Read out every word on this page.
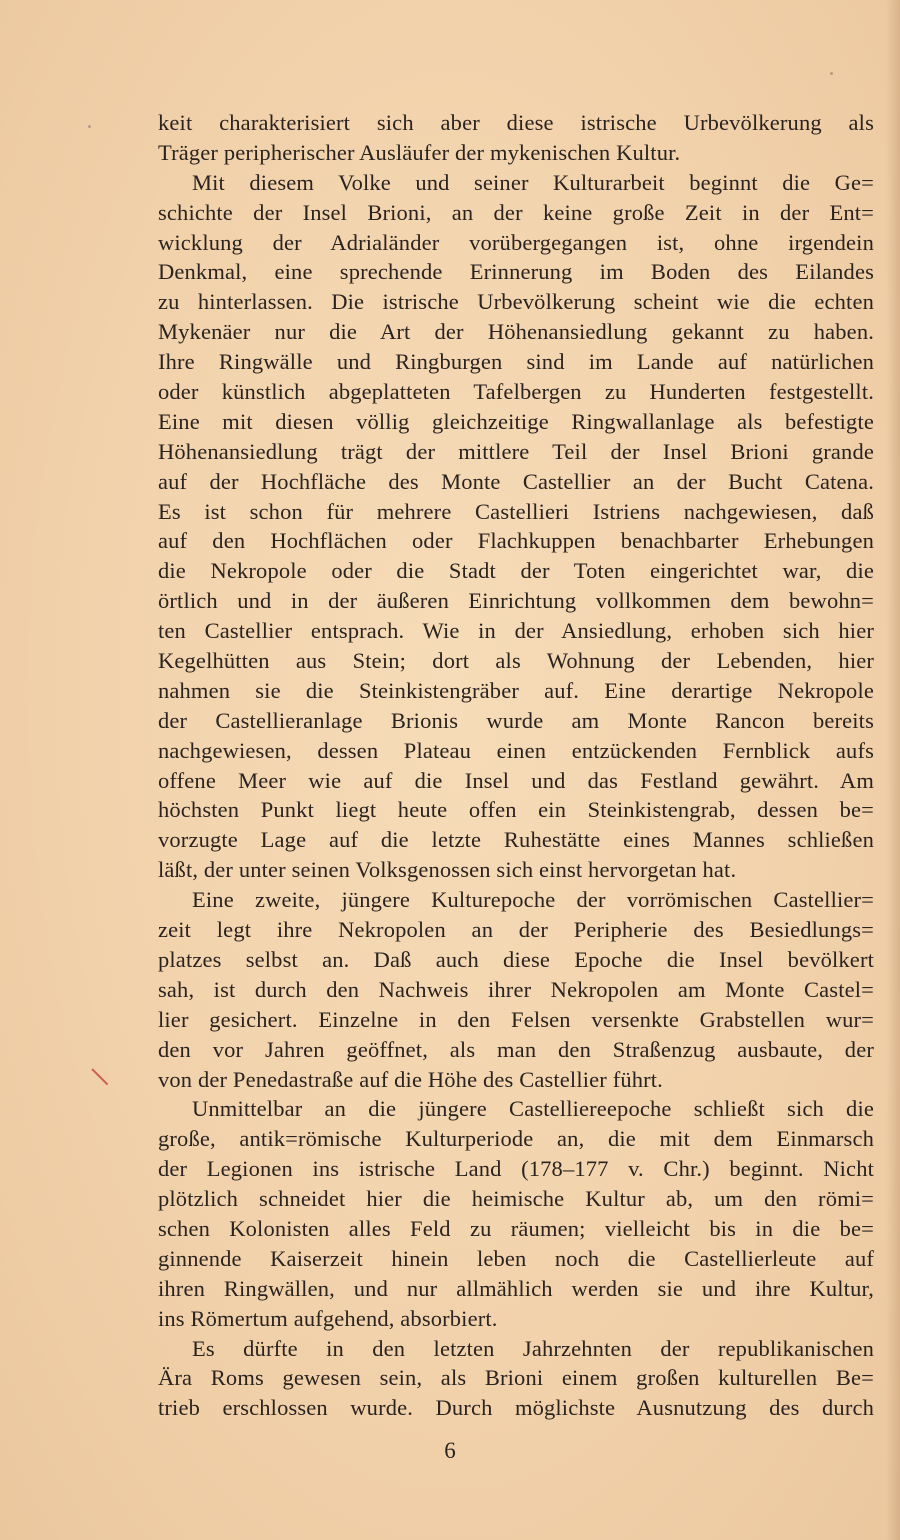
keit charakterisiert sich aber diese istrische Urbevölkerung als
Träger peripherischer Ausläufer der mykenischen Kultur.
Mit diesem Volke und seiner Kulturarbeit beginnt die Ge=
schichte der Insel Brioni, an der keine große Zeit in der Ent=
wicklung der Adrialänder vorübergegangen ist, ohne irgendein
Denkmal, eine sprechende Erinnerung im Boden des Eilandes
zu hinterlassen. Die istrische Urbevölkerung scheint wie die echten
Mykenäer nur die Art der Höhenansiedlung gekannt zu haben.
Ihre Ringwälle und Ringburgen sind im Lande auf natürlichen
oder künstlich abgeplatteten Tafelbergen zu Hunderten festgestellt.
Eine mit diesen völlig gleichzeitige Ringwallanlage als befestigte
Höhenansiedlung trägt der mittlere Teil der Insel Brioni grande
auf der Hochfläche des Monte Castellier an der Bucht Catena.
Es ist schon für mehrere Castellieri Istriens nachgewiesen, daß
auf den Hochflächen oder Flachkuppen benachbarter Erhebungen
die Nekropole oder die Stadt der Toten eingerichtet war, die
örtlich und in der äußeren Einrichtung vollkommen dem bewohn=
ten Castellier entsprach. Wie in der Ansiedlung, erhoben sich hier
Kegelhütten aus Stein; dort als Wohnung der Lebenden, hier
nahmen sie die Steinkistengräber auf. Eine derartige Nekropole
der Castellieranlage Brionis wurde am Monte Rancon bereits
nachgewiesen, dessen Plateau einen entzückenden Fernblick aufs
offene Meer wie auf die Insel und das Festland gewährt. Am
höchsten Punkt liegt heute offen ein Steinkistengrab, dessen be=
vorzugte Lage auf die letzte Ruhestätte eines Mannes schließen
läßt, der unter seinen Volksgenossen sich einst hervorgetan hat.
Eine zweite, jüngere Kulturepoche der vorrömischen Castellier=
zeit legt ihre Nekropolen an der Peripherie des Besiedlungs=
platzes selbst an. Daß auch diese Epoche die Insel bevölkert
sah, ist durch den Nachweis ihrer Nekropolen am Monte Castel=
lier gesichert. Einzelne in den Felsen versenkte Grabstellen wur=
den vor Jahren geöffnet, als man den Straßenzug ausbaute, der
von der Penedastraße auf die Höhe des Castellier führt.
Unmittelbar an die jüngere Castelliereepoche schließt sich die
große, antik=römische Kulturperiode an, die mit dem Einmarsch
der Legionen ins istrische Land (178–177 v. Chr.) beginnt. Nicht
plötzlich schneidet hier die heimische Kultur ab, um den römi=
schen Kolonisten alles Feld zu räumen; vielleicht bis in die be=
ginnende Kaiserzeit hinein leben noch die Castellierleute auf
ihren Ringwällen, und nur allmählich werden sie und ihre Kultur,
ins Römertum aufgehend, absorbiert.
Es dürfte in den letzten Jahrzehnten der republikanischen
Ära Roms gewesen sein, als Brioni einem großen kulturellen Be=
trieb erschlossen wurde. Durch möglichste Ausnutzung des durch
6
